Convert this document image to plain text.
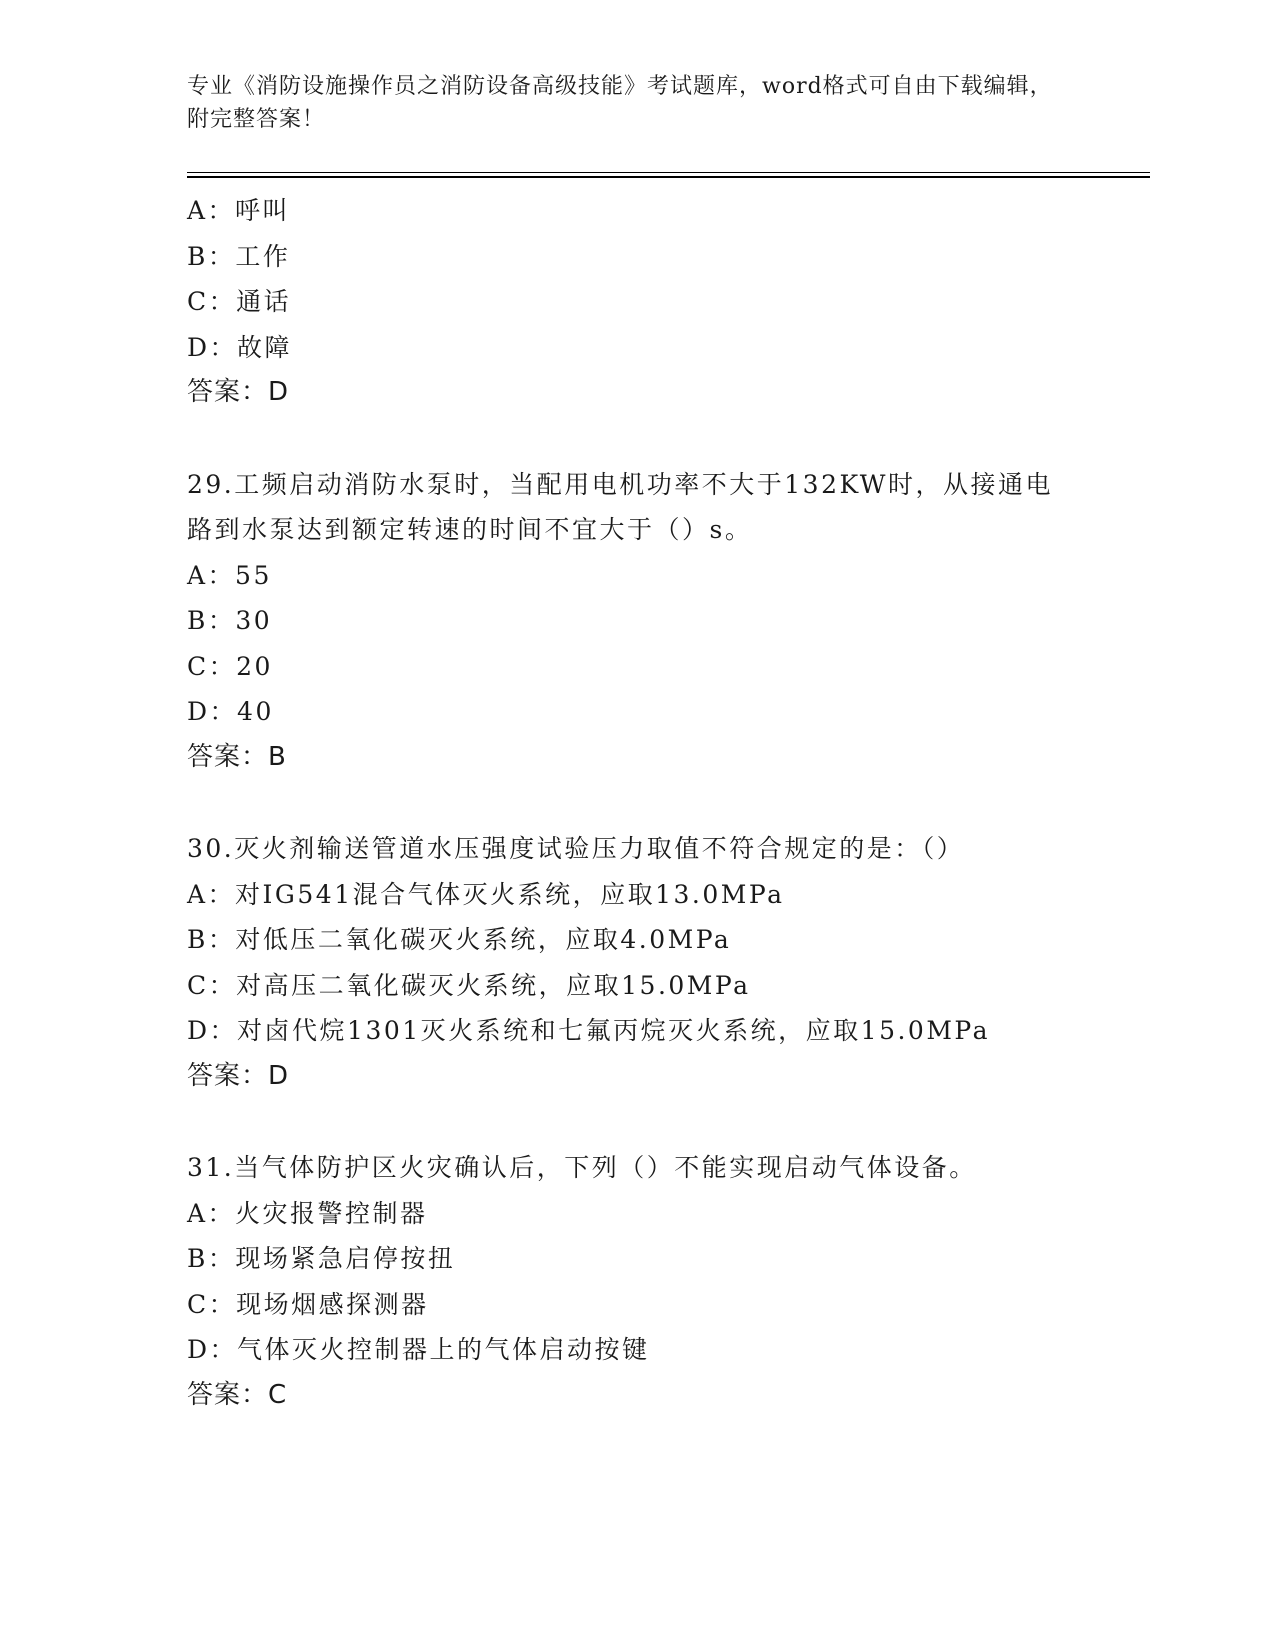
专业《消防设施操作员之消防设备高级技能》考试题库，word格式可自由下载编辑，附完整答案！
A：呼叫
B：工作
C：通话
D：故障
答案：D
29.工频启动消防水泵时，当配用电机功率不大于132KW时，从接通电路到水泵达到额定转速的时间不宜大于（）s。
A：55
B：30
C：20
D：40
答案：B
30.灭火剂输送管道水压强度试验压力取值不符合规定的是：（）
A：对IG541混合气体灭火系统，应取13.0MPa
B：对低压二氧化碳灭火系统，应取4.0MPa
C：对高压二氧化碳灭火系统，应取15.0MPa
D：对卤代烷1301灭火系统和七氟丙烷灭火系统，应取15.0MPa
答案：D
31.当气体防护区火灾确认后，下列（）不能实现启动气体设备。
A：火灾报警控制器
B：现场紧急启停按扭
C：现场烟感探测器
D：气体灭火控制器上的气体启动按键
答案：C
